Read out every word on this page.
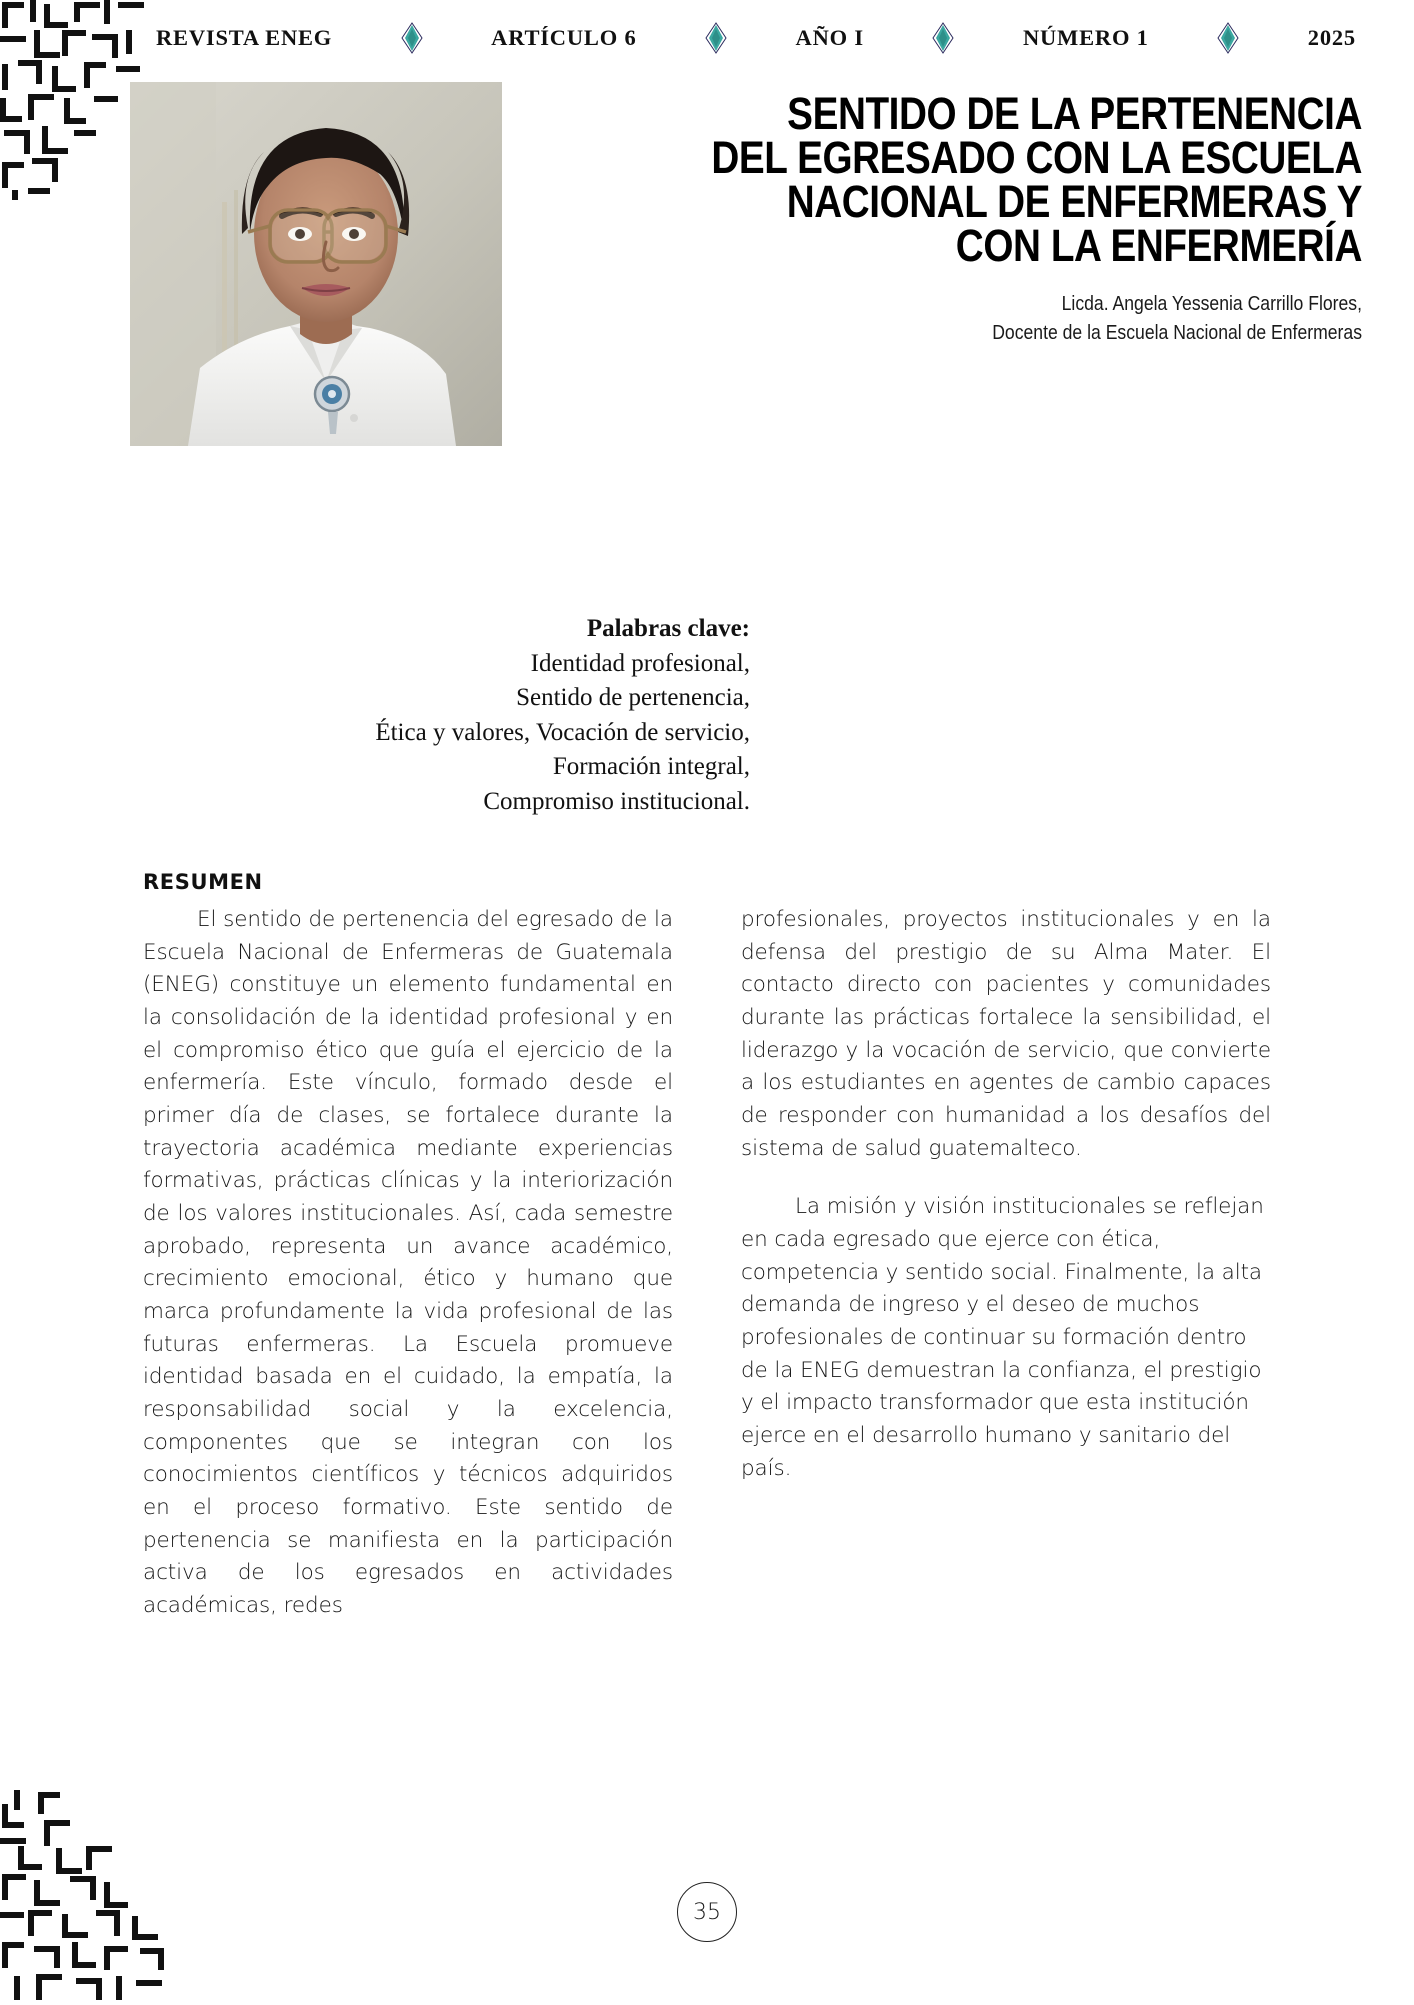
REVISTA ENEG	ARTÍCULO 6	AÑO I	NÚMERO 1	2025
SENTIDO DE LA PERTENENCIA
DEL EGRESADO CON LA ESCUELA
NACIONAL DE ENFERMERAS Y
CON LA ENFERMERÍA
Licda. Angela Yessenia Carrillo Flores,
Docente de la Escuela Nacional de Enfermeras
Palabras clave:
Identidad profesional,
Sentido de pertenencia,
Ética y valores, Vocación de servicio,
Formación integral,
Compromiso institucional.
RESUMEN

El sentido de pertenencia del egresado de la Escuela Nacional de Enfermeras de Guatemala (ENEG) constituye un elemento fundamental en la consolidación de la identidad profesional y en el compromiso ético que guía el ejercicio de la enfermería. Este vínculo, formado desde el primer día de clases, se fortalece durante la trayectoria académica mediante experiencias formativas, prácticas clínicas y la interiorización de los valores institucionales. Así, cada semestre aprobado, representa un avance académico, crecimiento emocional, ético y humano que marca profundamente la vida profesional de las futuras enfermeras. La Escuela promueve identidad basada en el cuidado, la empatía, la responsabilidad social y la excelencia, componentes que se integran con los conocimientos científicos y técnicos adquiridos en el proceso formativo. Este sentido de pertenencia se manifiesta en la participación activa de los egresados en actividades académicas, redes

profesionales, proyectos institucionales y en la defensa del prestigio de su Alma Mater. El contacto directo con pacientes y comunidades durante las prácticas fortalece la sensibilidad, el liderazgo y la vocación de servicio, que convierte a los estudiantes en agentes de cambio capaces de responder con humanidad a los desafíos del sistema de salud guatemalteco.

La misión y visión institucionales se reflejan en cada egresado que ejerce con ética, competencia y sentido social. Finalmente, la alta demanda de ingreso y el deseo de muchos profesionales de continuar su formación dentro de la ENEG demuestran la confianza, el prestigio y el impacto transformador que esta institución ejerce en el desarrollo humano y sanitario del país.

35
